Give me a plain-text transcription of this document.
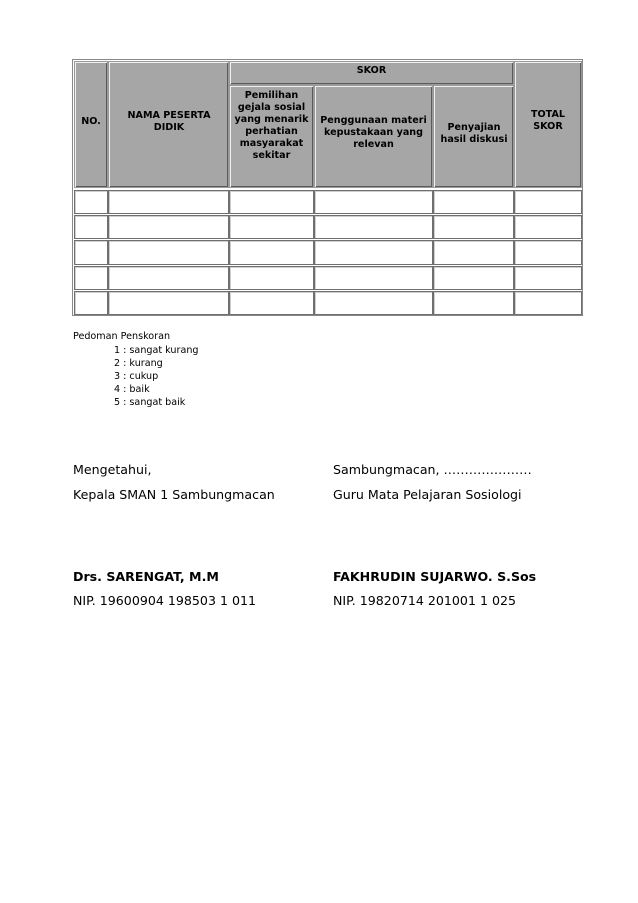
NO.
NAMA PESERTA DIDIK
SKOR
Pemilihan gejala sosial yang menarik perhatian masyarakat sekitar
Penggunaan materi kepustakaan yang relevan
Penyajian hasil diskusi
TOTAL SKOR
Pedoman Penskoran
1 : sangat kurang
2 : kurang
3 : cukup
4 : baik
5 : sangat baik
Mengetahui,
Kepala SMAN 1 Sambungmacan
Drs. SARENGAT, M.M
NIP. 19600904 198503 1 011
Sambungmacan, …………………
Guru Mata Pelajaran Sosiologi
FAKHRUDIN SUJARWO. S.Sos
NIP. 19820714 201001 1 025
